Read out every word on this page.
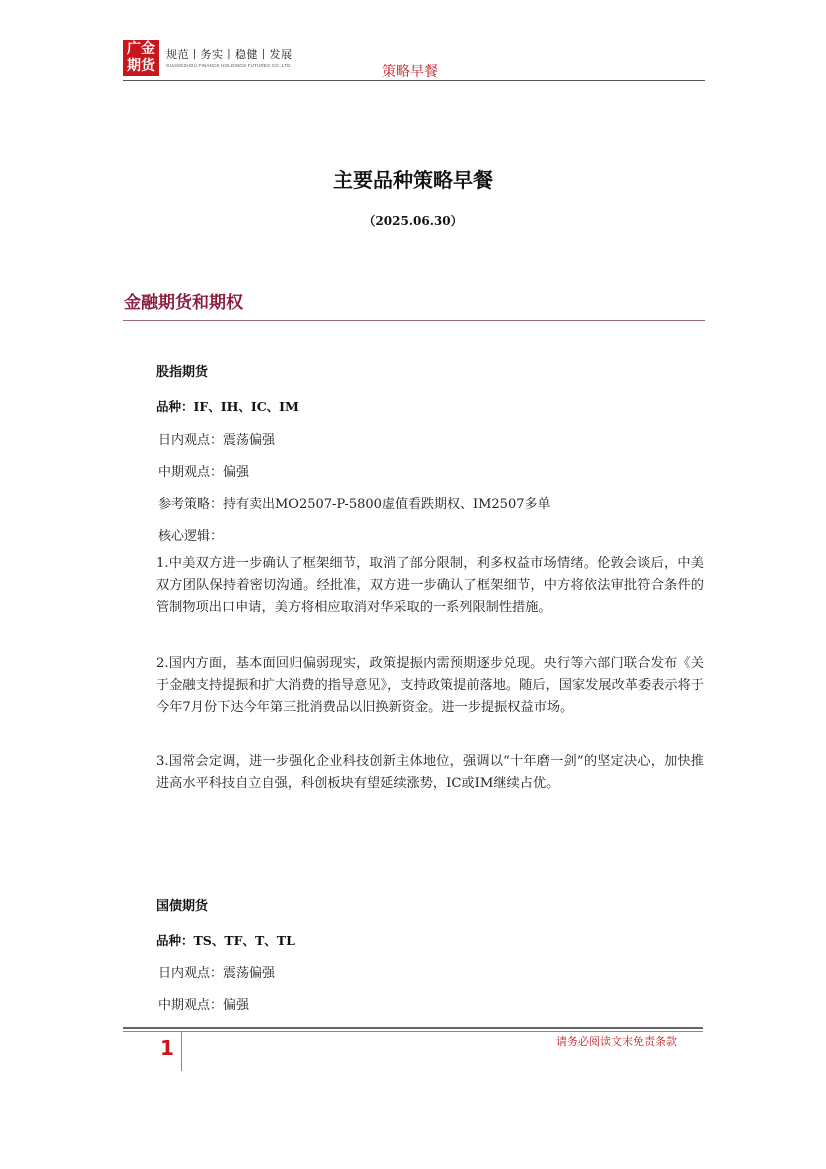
广金
期货
规范丨务实丨稳健丨发展
GUANGZHOU FINANCE HOLDINGS FUTURES CO.,LTD.	策略早餐
主要品种策略早餐
（2025.06.30）
金融期货和期权
股指期货
品种：IF、IH、IC、IM
日内观点：震荡偏强
中期观点：偏强
参考策略：持有卖出MO2507-P-5800虚值看跌期权、IM2507多单
核心逻辑：
1.中美双方进一步确认了框架细节，取消了部分限制，利多权益市场情绪。伦敦会谈后，中美双方团队保持着密切沟通。经批准，双方进一步确认了框架细节，中方将依法审批符合条件的管制物项出口申请，美方将相应取消对华采取的一系列限制性措施。
2.国内方面，基本面回归偏弱现实，政策提振内需预期逐步兑现。央行等六部门联合发布《关于金融支持提振和扩大消费的指导意见》，支持政策提前落地。随后，国家发展改革委表示将于今年7月份下达今年第三批消费品以旧换新资金。进一步提振权益市场。
3.国常会定调，进一步强化企业科技创新主体地位，强调以“十年磨一剑”的坚定决心，加快推进高水平科技自立自强，科创板块有望延续涨势，IC或IM继续占优。
国债期货
品种：TS、TF、T、TL
日内观点：震荡偏强
中期观点：偏强
1	请务必阅读文末免责条款
